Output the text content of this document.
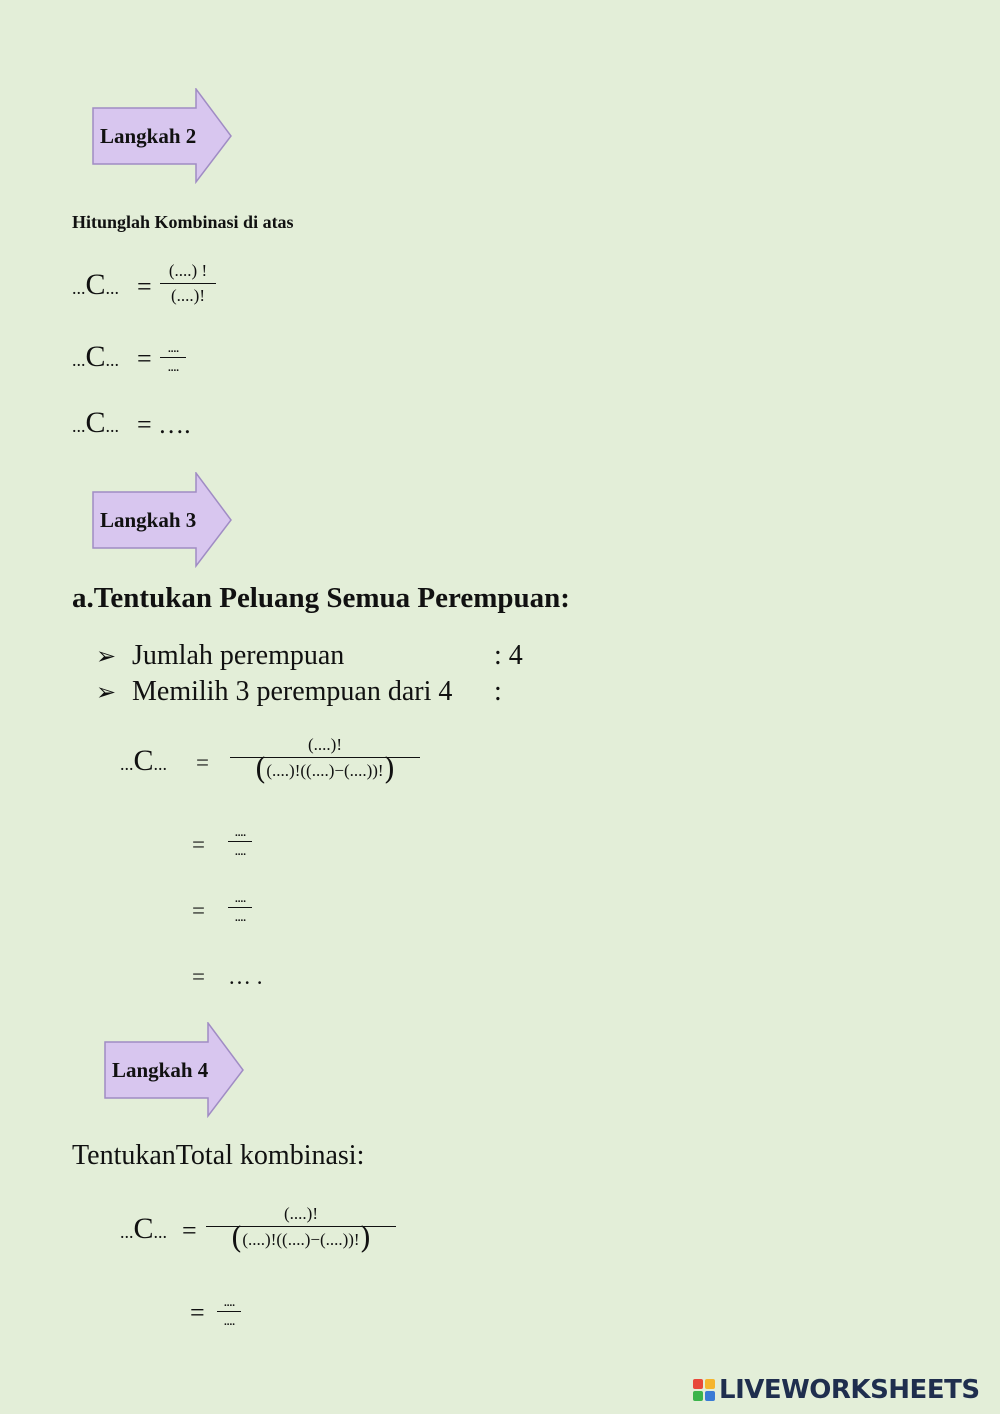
Langkah 2
Hitunglah Kombinasi di atas
...C... =
(....) !
(....)!
...C... =	....
....
...C... = ….
Langkah 3
a.Tentukan Peluang Semua Perempuan:
➢ Jumlah perempuan	: 4
➢ Memilih 3 perempuan dari 4 :
...C... =
(....)!
((....)!((....)−(....))!)
=	....
....
=	....
....
= … .
Langkah 4
TentukanTotal kombinasi:
...C... =
(....)!
((....)!((....)−(....))!)
=	....
....
LIVEWORKSHEETS
